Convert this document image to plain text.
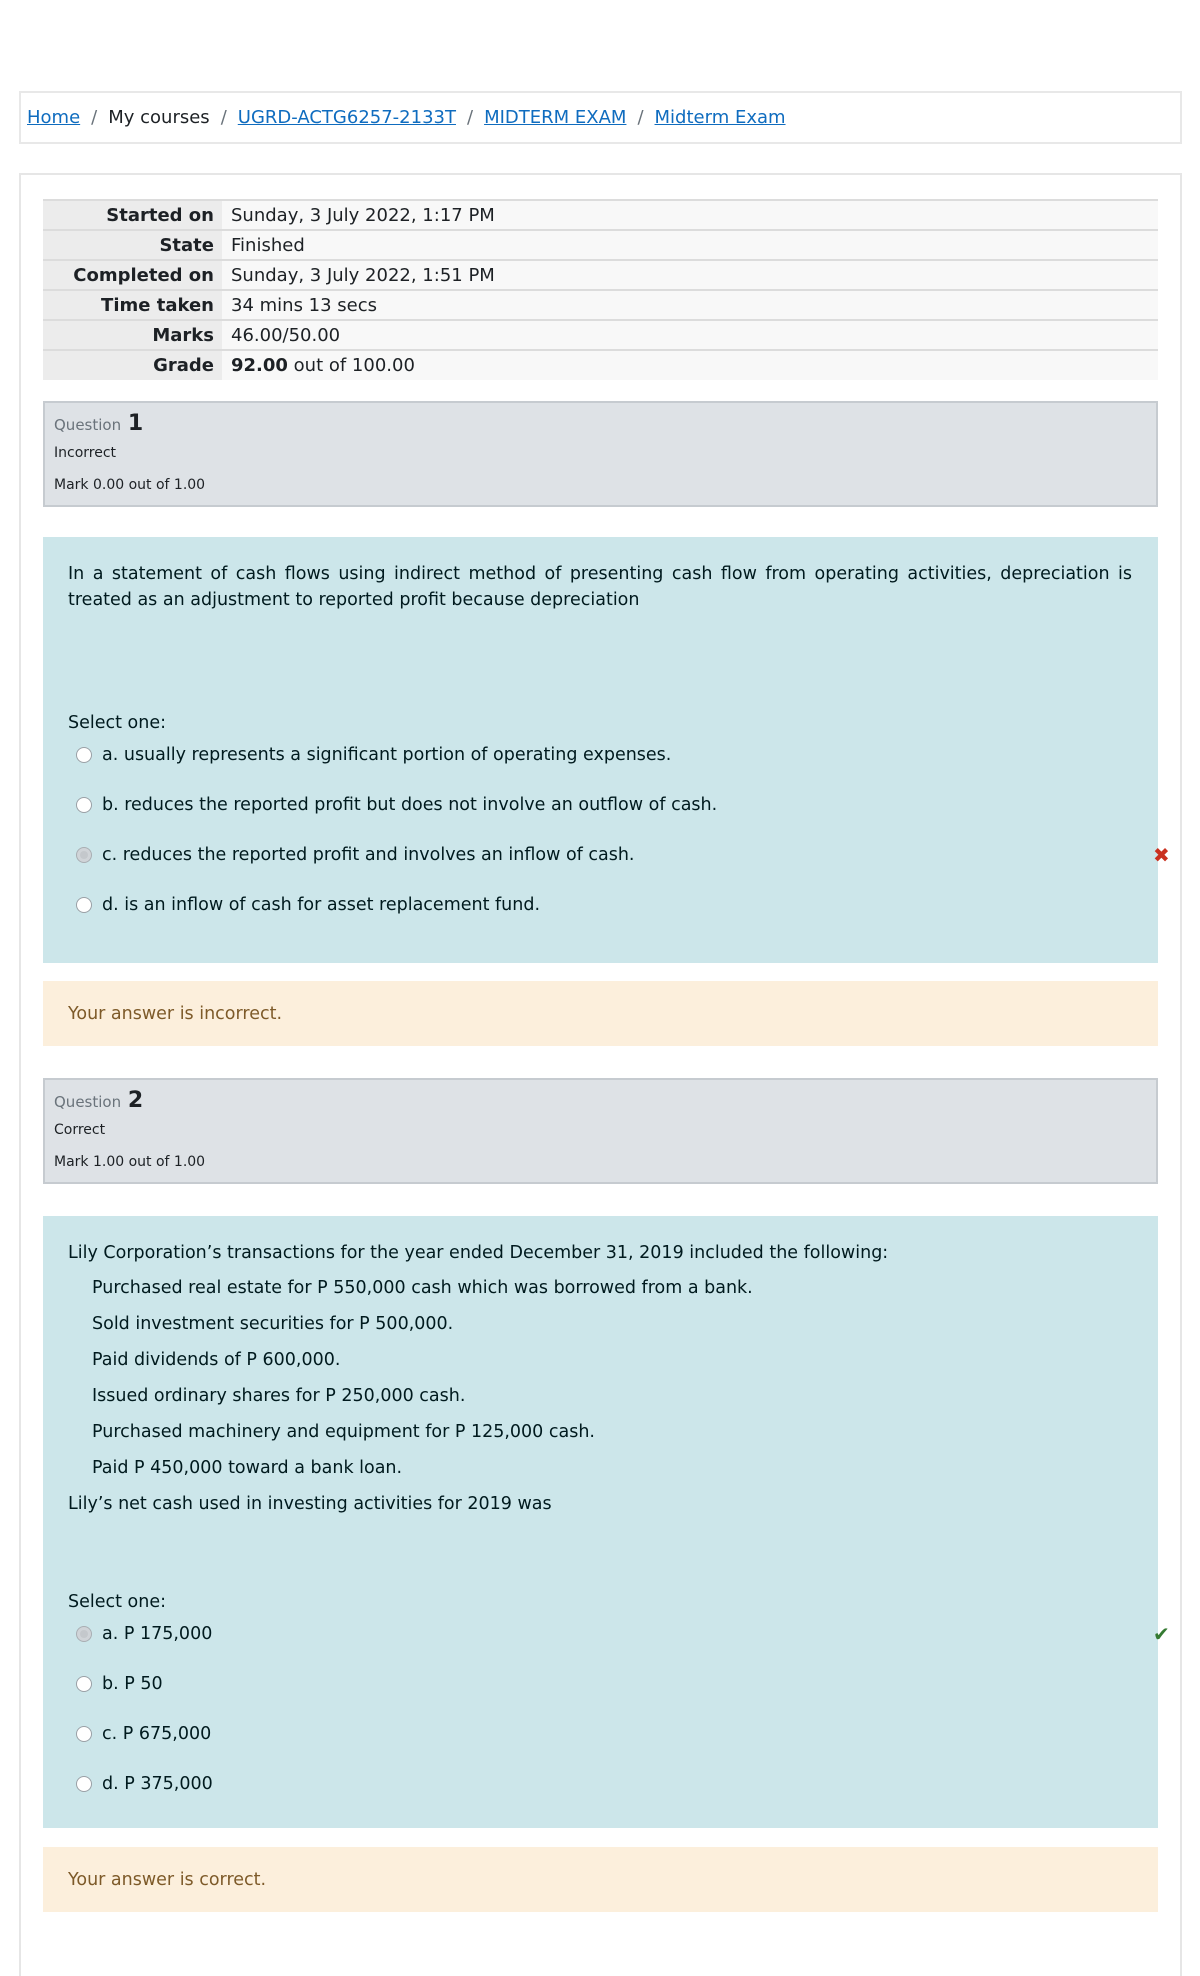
Home / My courses / UGRD-ACTG6257-2133T / MIDTERM EXAM / Midterm Exam
Started on	Sunday, 3 July 2022, 1:17 PM
State	Finished
Completed on	Sunday, 3 July 2022, 1:51 PM
Time taken	34 mins 13 secs
Marks	46.00/50.00
Grade	92.00 out of 100.00
Question 1
Incorrect
Mark 0.00 out of 1.00
In a statement of cash flows using indirect method of presenting cash flow from operating activities, depreciation is treated as an adjustment to reported profit because depreciation
Select one:
a. usually represents a significant portion of operating expenses.
b. reduces the reported profit but does not involve an outflow of cash.
c. reduces the reported profit and involves an inflow of cash.	✖
d. is an inflow of cash for asset replacement fund.
Your answer is incorrect.
Question 2
Correct
Mark 1.00 out of 1.00
Lily Corporation’s transactions for the year ended December 31, 2019 included the following:
Purchased real estate for P 550,000 cash which was borrowed from a bank.
Sold investment securities for P 500,000.
Paid dividends of P 600,000.
Issued ordinary shares for P 250,000 cash.
Purchased machinery and equipment for P 125,000 cash.
Paid P 450,000 toward a bank loan.
Lily’s net cash used in investing activities for 2019 was
Select one:
a. P 175,000	✔
b. P 50
c. P 675,000
d. P 375,000
Your answer is correct.
